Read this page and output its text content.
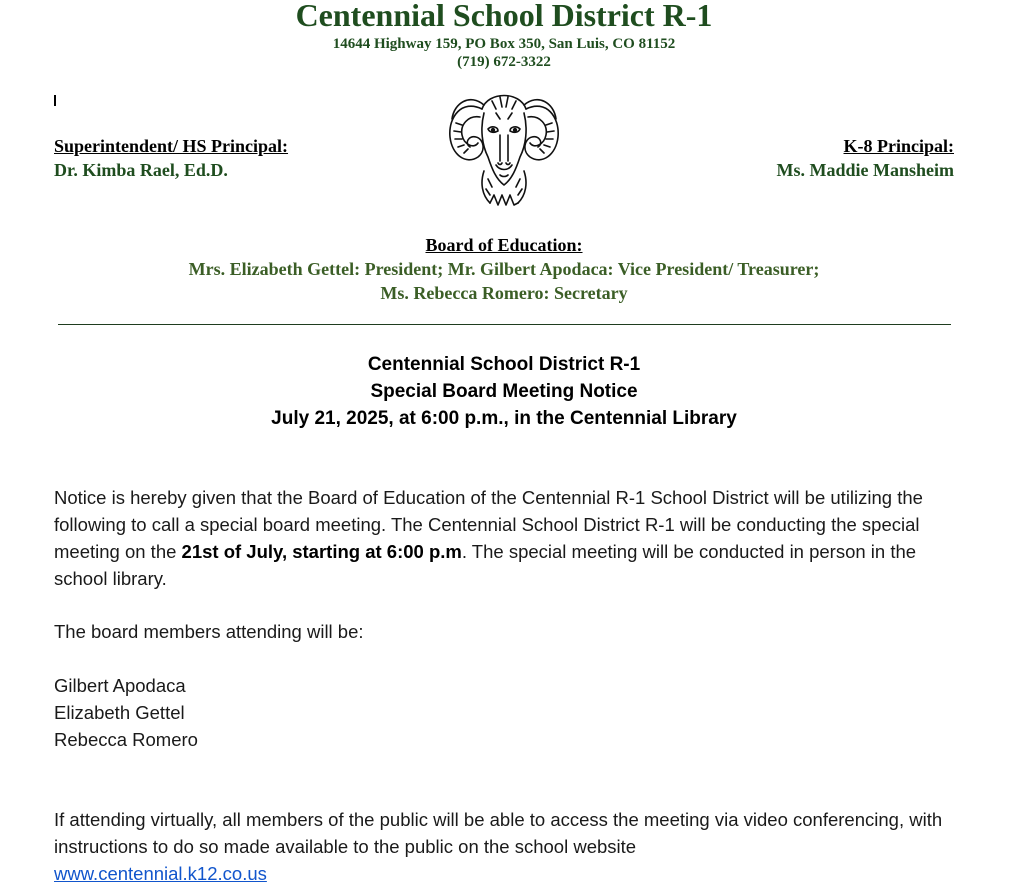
Centennial School District R-1
14644 Highway 159, PO Box 350, San Luis, CO 81152
(719) 672-3322
Superintendent/ HS Principal:
Dr. Kimba Rael, Ed.D.
K-8 Principal:
Ms. Maddie Mansheim
Board of Education:
Mrs. Elizabeth Gettel: President; Mr. Gilbert Apodaca: Vice President/ Treasurer;
Ms. Rebecca Romero: Secretary
Centennial School District R-1
Special Board Meeting Notice
July 21, 2025, at 6:00 p.m., in the Centennial Library

Notice is hereby given that the Board of Education of the Centennial R-1 School District will be utilizing the following to call a special board meeting. The Centennial School District R-1 will be conducting the special meeting on the 21st of July, starting at 6:00 p.m. The special meeting will be conducted in person in the school library.

The board members attending will be:

Gilbert Apodaca
Elizabeth Gettel
Rebecca Romero
If attending virtually, all members of the public will be able to access the meeting via video conferencing, with instructions to do so made available to the public on the school website
www.centennial.k12.co.us
